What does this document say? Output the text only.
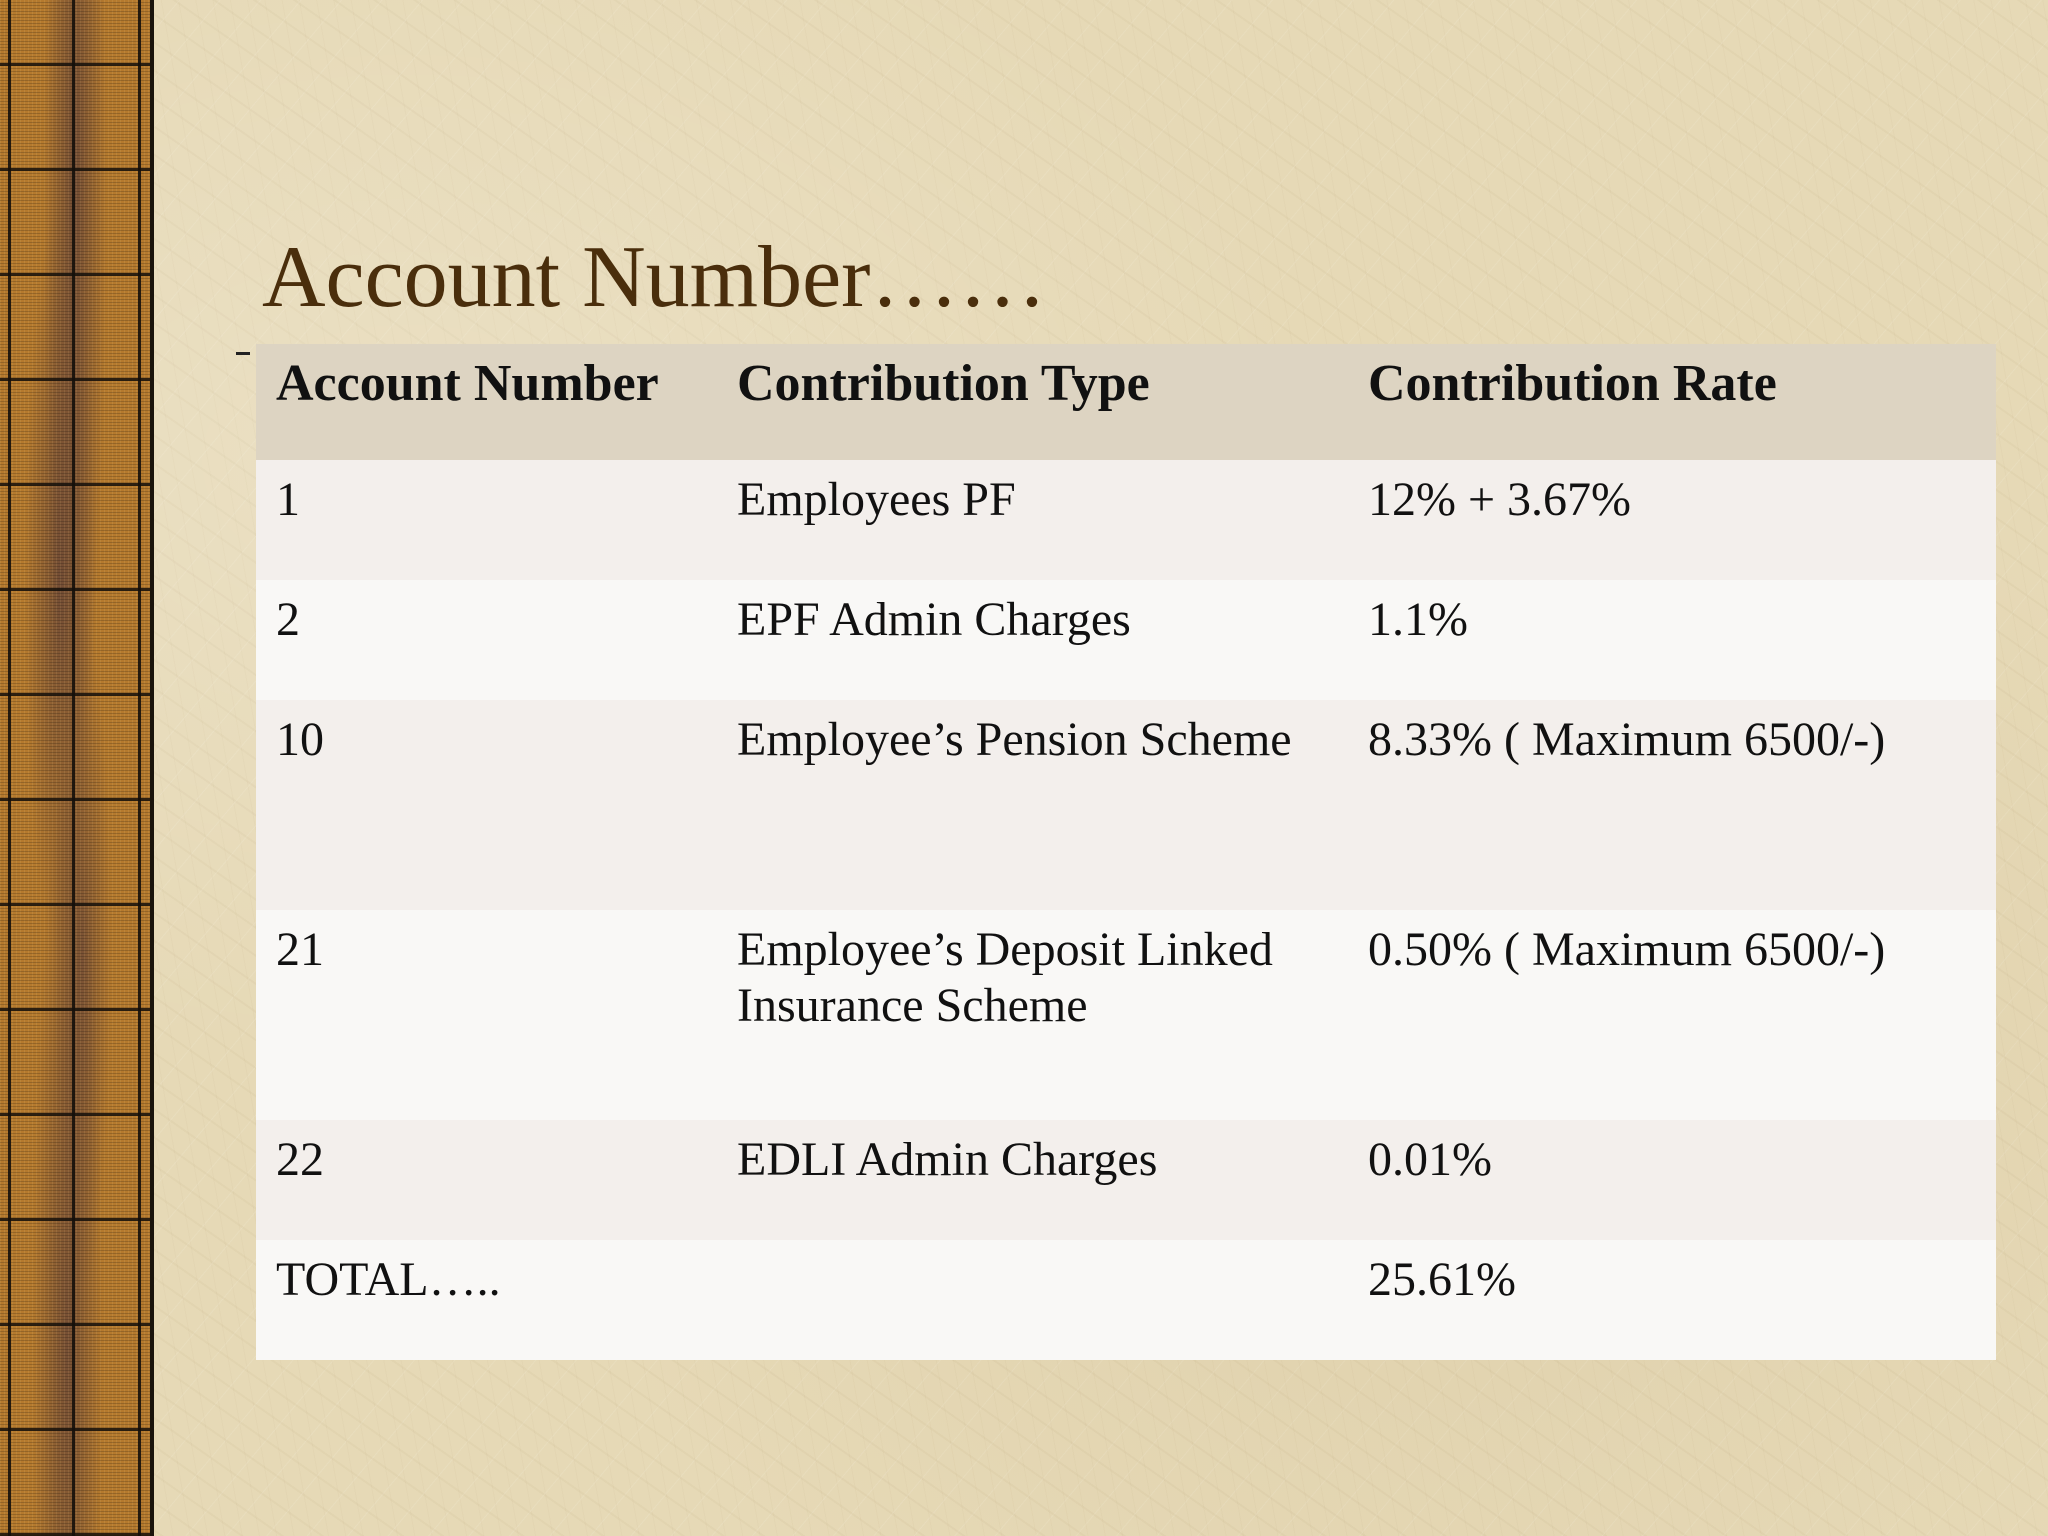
Account Number……
Account Number	Contribution Type	Contribution Rate
1	Employees PF	12% + 3.67%
2	EPF Admin Charges	1.1%
10	Employee’s Pension Scheme	8.33% ( Maximum 6500/-)
21	Employee’s Deposit Linked Insurance Scheme	0.50% ( Maximum 6500/-)
22	EDLI Admin Charges	0.01%
TOTAL…..		25.61%
